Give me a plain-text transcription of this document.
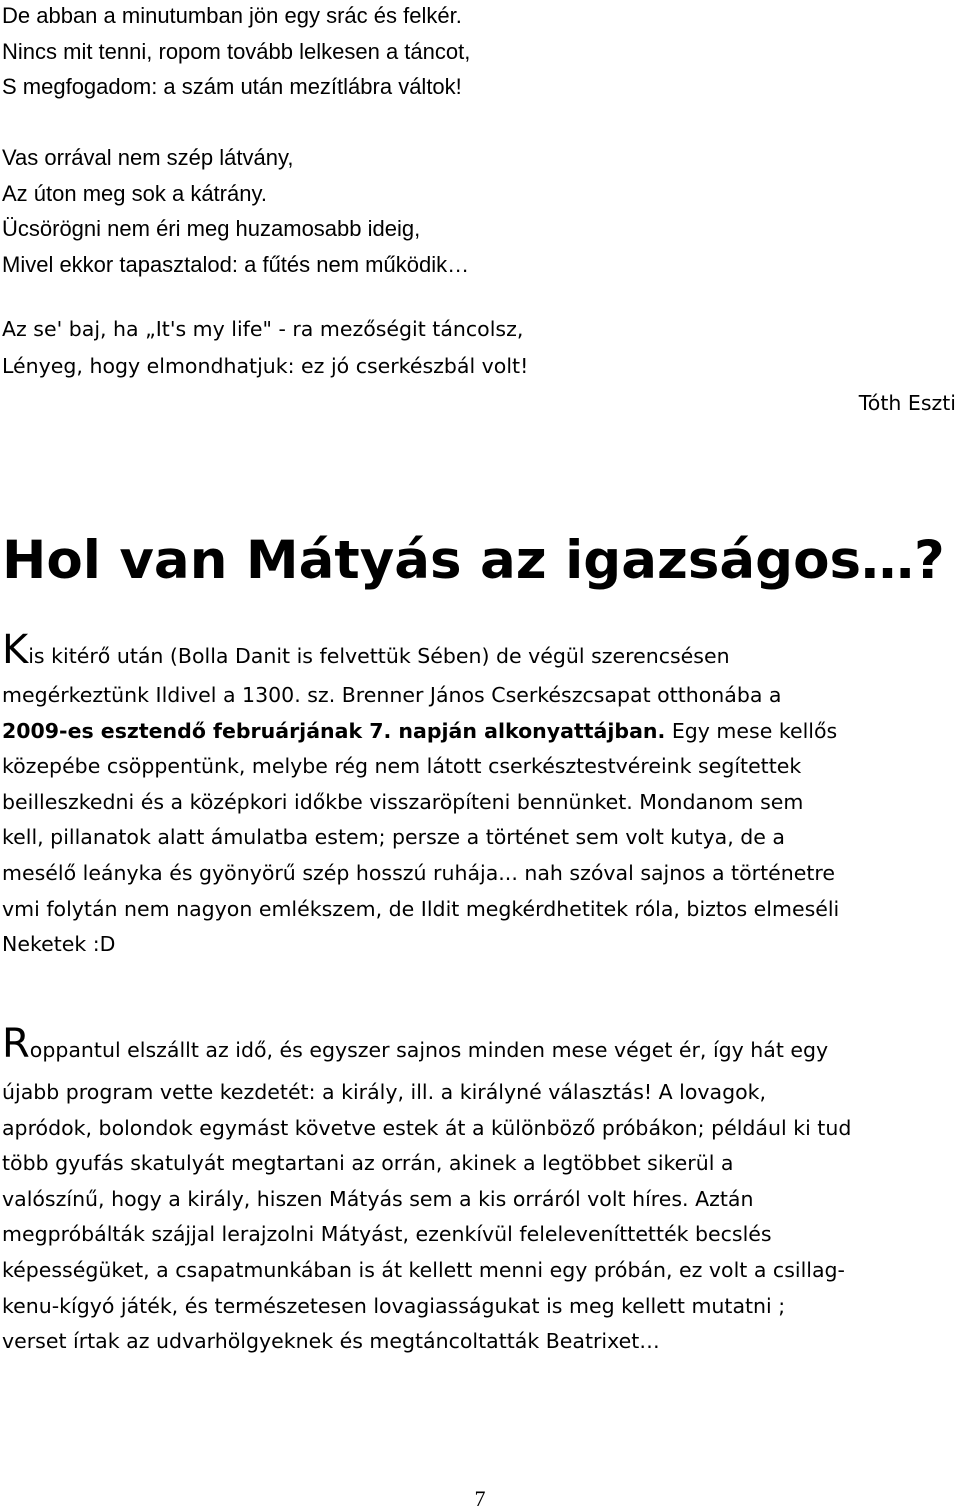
De abban a minutumban jön egy srác és felkér.
Nincs mit tenni, ropom tovább lelkesen a táncot,
S megfogadom: a szám után mezítlábra váltok!
Vas orrával nem szép látvány,
Az úton meg sok a kátrány.
Ücsörögni nem éri meg huzamosabb ideig,
Mivel ekkor tapasztalod: a fűtés nem működik…
Az se' baj, ha „It's my life" - ra mezőségit táncolsz,
Lényeg, hogy elmondhatjuk: ez jó cserkészbál volt!
Tóth Eszti
Hol van Mátyás az igazságos…?
Kis kitérő után (Bolla Danit is felvettük Sében) de végül szerencsésen
megérkeztünk Ildivel a 1300. sz. Brenner János Cserkészcsapat otthonába a
2009-es esztendő februárjának 7. napján alkonyattájban. Egy mese kellős
közepébe csöppentünk, melybe rég nem látott cserkésztestvéreink segítettek
beilleszkedni és a középkori időkbe visszaröpíteni bennünket. Mondanom sem
kell, pillanatok alatt ámulatba estem; persze a történet sem volt kutya, de a
mesélő leányka és gyönyörű szép hosszú ruhája... nah szóval sajnos a történetre
vmi folytán nem nagyon emlékszem, de Ildit megkérdhetitek róla, biztos elmeséli
Neketek :D
Roppantul elszállt az idő, és egyszer sajnos minden mese véget ér, így hát egy
újabb program vette kezdetét: a király, ill. a királyné választás! A lovagok,
apródok, bolondok egymást követve estek át a különböző próbákon; például ki tud
több gyufás skatulyát megtartani az orrán, akinek a legtöbbet sikerül a
valószínű, hogy a király, hiszen Mátyás sem a kis orráról volt híres. Aztán
megpróbálták szájjal lerajzolni Mátyást, ezenkívül feleleveníttették becslés
képességüket, a csapatmunkában is át kellett menni egy próbán, ez volt a csillag-
kenu-kígyó játék, és természetesen lovagiasságukat is meg kellett mutatni ;
verset írtak az udvarhölgyeknek és megtáncoltatták Beatrixet…
7
